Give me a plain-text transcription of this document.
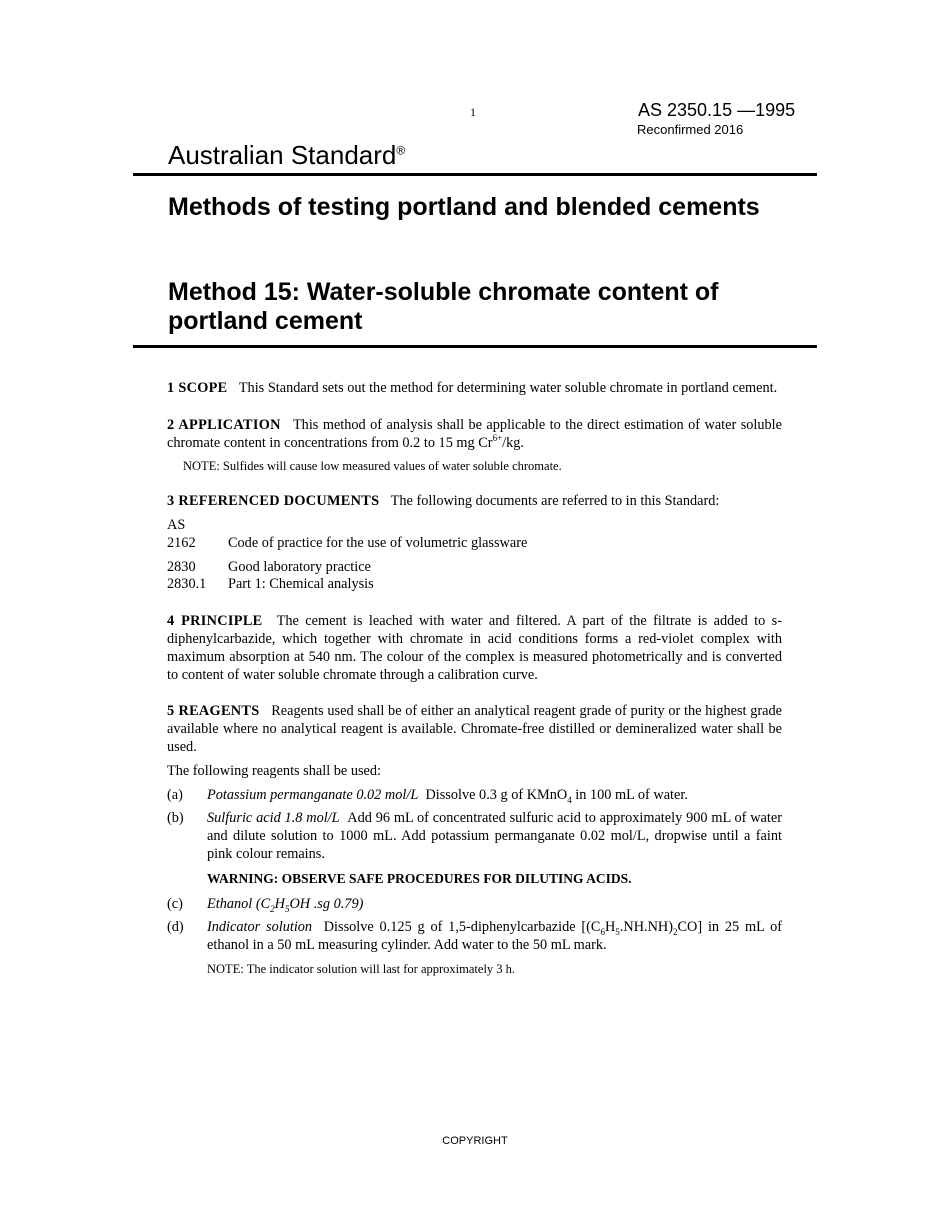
1	AS 2350.15 —1995
Reconfirmed 2016
Australian Standard®
Methods of testing portland and blended cements
Method 15: Water-soluble chromate content of portland cement
1 SCOPE This Standard sets out the method for determining water soluble chromate in portland cement.
2 APPLICATION This method of analysis shall be applicable to the direct estimation of water soluble chromate content in concentrations from 0.2 to 15 mg $Cr^{6+}/kg$.
NOTE: Sulfides will cause low measured values of water soluble chromate.
3 REFERENCED DOCUMENTS The following documents are referred to in this Standard:
AS
2162	Code of practice for the use of volumetric glassware
2830	Good laboratory practice
2830.1	Part 1: Chemical analysis
4 PRINCIPLE The cement is leached with water and filtered. A part of the filtrate is added to s-diphenylcarbazide, which together with chromate in acid conditions forms a red-violet complex with maximum absorption at 540 nm. The colour of the complex is measured photometrically and is converted to content of water soluble chromate through a calibration curve.
5 REAGENTS Reagents used shall be of either an analytical reagent grade of purity or the highest grade available where no analytical reagent is available. Chromate-free distilled or demineralized water shall be used.
The following reagents shall be used:
(a)	Potassium permanganate 0.02 mol/L Dissolve 0.3 g of KMnO$_4$ in 100 mL of water.
(b)	Sulfuric acid 1.8 mol/L Add 96 mL of concentrated sulfuric acid to approximately 900 mL of water and dilute solution to 1000 mL. Add potassium permanganate 0.02 mol/L, dropwise until a faint pink colour remains.
WARNING: OBSERVE SAFE PROCEDURES FOR DILUTING ACIDS.
(c)	Ethanol ($C_2H_5OH$ .sg 0.79)
(d)	Indicator solution Dissolve 0.125 g of 1,5-diphenylcarbazide $[(C_6H_5.NH.NH)_2CO]$ in 25 mL of ethanol in a 50 mL measuring cylinder. Add water to the 50 mL mark.
NOTE: The indicator solution will last for approximately 3 h.
COPYRIGHT
